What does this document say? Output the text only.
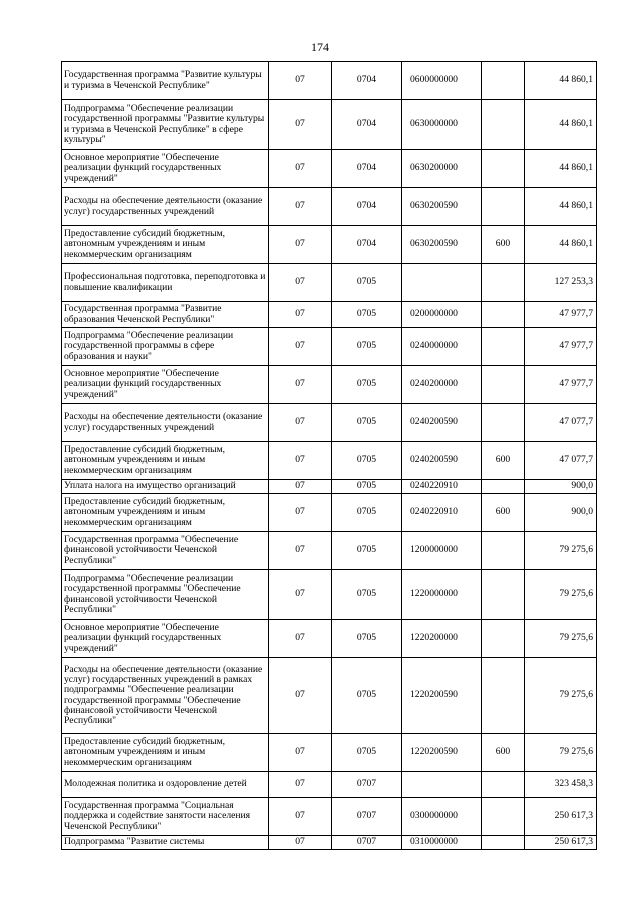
174
Государственная программа "Развитие культуры и туризма в Чеченской Республике"	07	0704	0600000000		44 860,1
Подпрограмма "Обеспечение реализации государственной программы "Развитие культуры и туризма в Чеченской Республике" в сфере культуры"	07	0704	0630000000		44 860,1
Основное мероприятие "Обеспечение реализации функций государственных учреждений"	07	0704	0630200000		44 860,1
Расходы на обеспечение деятельности (оказание услуг) государственных учреждений	07	0704	0630200590		44 860,1
Предоставление субсидий бюджетным, автономным учреждениям и иным некоммерческим организациям	07	0704	0630200590	600	44 860,1
Профессиональная подготовка, переподготовка и повышение квалификации	07	0705			127 253,3
Государственная программа "Развитие образования Чеченской Республики"	07	0705	0200000000		47 977,7
Подпрограмма "Обеспечение реализации государственной программы в сфере образования и науки"	07	0705	0240000000		47 977,7
Основное мероприятие "Обеспечение реализации функций государственных учреждений"	07	0705	0240200000		47 977,7
Расходы на обеспечение деятельности (оказание услуг) государственных учреждений	07	0705	0240200590		47 077,7
Предоставление субсидий бюджетным, автономным учреждениям и иным некоммерческим организациям	07	0705	0240200590	600	47 077,7
Уплата налога на имущество организаций	07	0705	0240220910		900,0
Предоставление субсидий бюджетным, автономным учреждениям и иным некоммерческим организациям	07	0705	0240220910	600	900,0
Государственная программа "Обеспечение финансовой устойчивости Чеченской Республики"	07	0705	1200000000		79 275,6
Подпрограмма "Обеспечение реализации государственной программы "Обеспечение финансовой устойчивости Чеченской Республики"	07	0705	1220000000		79 275,6
Основное мероприятие "Обеспечение реализации функций государственных учреждений"	07	0705	1220200000		79 275,6
Расходы на обеспечение деятельности (оказание услуг) государственных учреждений в рамках подпрограммы "Обеспечение реализации государственной программы "Обеспечение финансовой устойчивости Чеченской Республики"	07	0705	1220200590		79 275,6
Предоставление субсидий бюджетным, автономным учреждениям и иным некоммерческим организациям	07	0705	1220200590	600	79 275,6
Молодежная политика и оздоровление детей	07	0707			323 458,3
Государственная программа "Социальная поддержка и содействие занятости населения Чеченской Республики"	07	0707	0300000000		250 617,3
Подпрограмма "Развитие системы	07	0707	0310000000		250 617,3
